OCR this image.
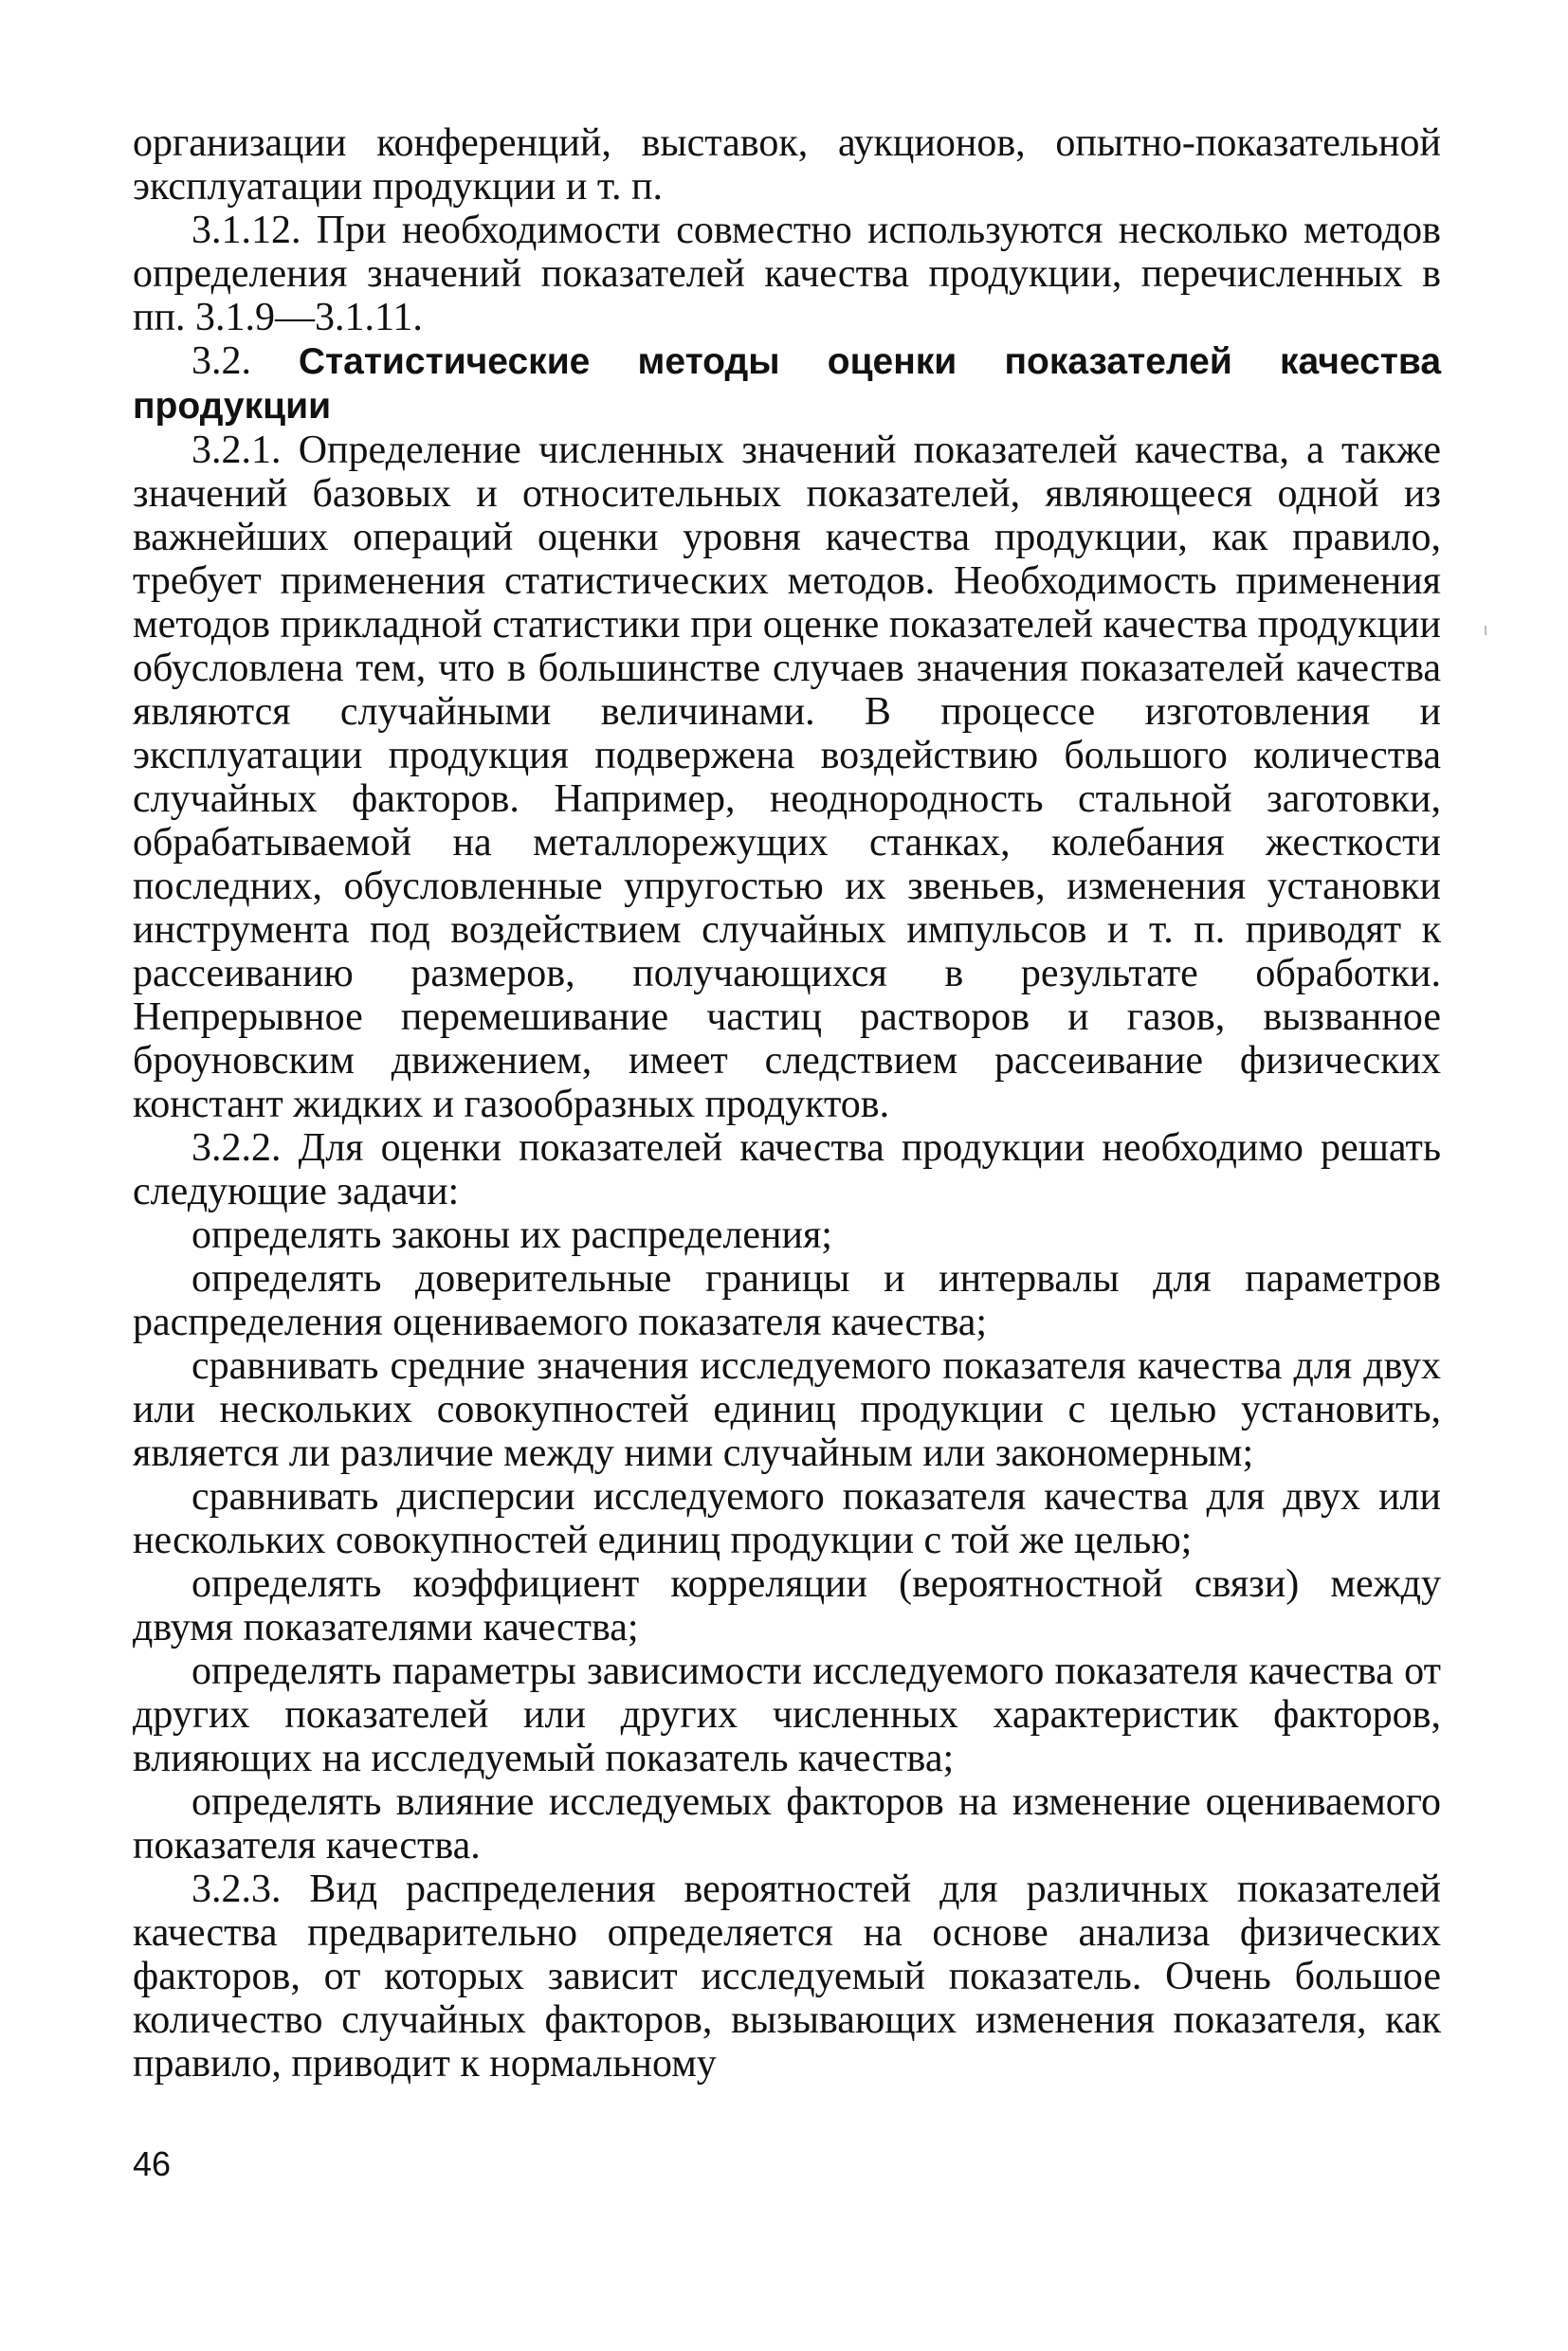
организации конференций, выставок, аукционов, опытно-показательной эксплуатации продукции и т. п.

3.1.12. При необходимости совместно используются несколько методов определения значений показателей качества продукции, перечисленных в пп. 3.1.9—3.1.11.

3.2. Статистические методы оценки показателей качества продукции

3.2.1. Определение численных значений показателей качества, а также значений базовых и относительных показателей, являющееся одной из важнейших операций оценки уровня качества продукции, как правило, требует применения статистических методов. Необходимость применения методов прикладной статистики при оценке показателей качества продукции обусловлена тем, что в большинстве случаев значения показателей качества являются случайными величинами. В процессе изготовления и эксплуатации продукция подвержена воздействию большого количества случайных факторов. Например, неоднородность стальной заготовки, обрабатываемой на металлорежущих станках, колебания жесткости последних, обусловленные упругостью их звеньев, изменения установки инструмента под воздействием случайных импульсов и т. п. приводят к рассеиванию размеров, получающихся в результате обработки. Непрерывное перемешивание частиц растворов и газов, вызванное броуновским движением, имеет следствием рассеивание физических констант жидких и газообразных продуктов.

3.2.2. Для оценки показателей качества продукции необходимо решать следующие задачи:

определять законы их распределения;

определять доверительные границы и интервалы для параметров распределения оцениваемого показателя качества;

сравнивать средние значения исследуемого показателя качества для двух или нескольких совокупностей единиц продукции с целью установить, является ли различие между ними случайным или закономерным;

сравнивать дисперсии исследуемого показателя качества для двух или нескольких совокупностей единиц продукции с той же целью;

определять коэффициент корреляции (вероятностной связи) между двумя показателями качества;

определять параметры зависимости исследуемого показателя качества от других показателей или других численных характеристик факторов, влияющих на исследуемый показатель качества;

определять влияние исследуемых факторов на изменение оцениваемого показателя качества.

3.2.3. Вид распределения вероятностей для различных показателей качества предварительно определяется на основе анализа физических факторов, от которых зависит исследуемый показатель. Очень большое количество случайных факторов, вызывающих изменения показателя, как правило, приводит к нормальному

46
